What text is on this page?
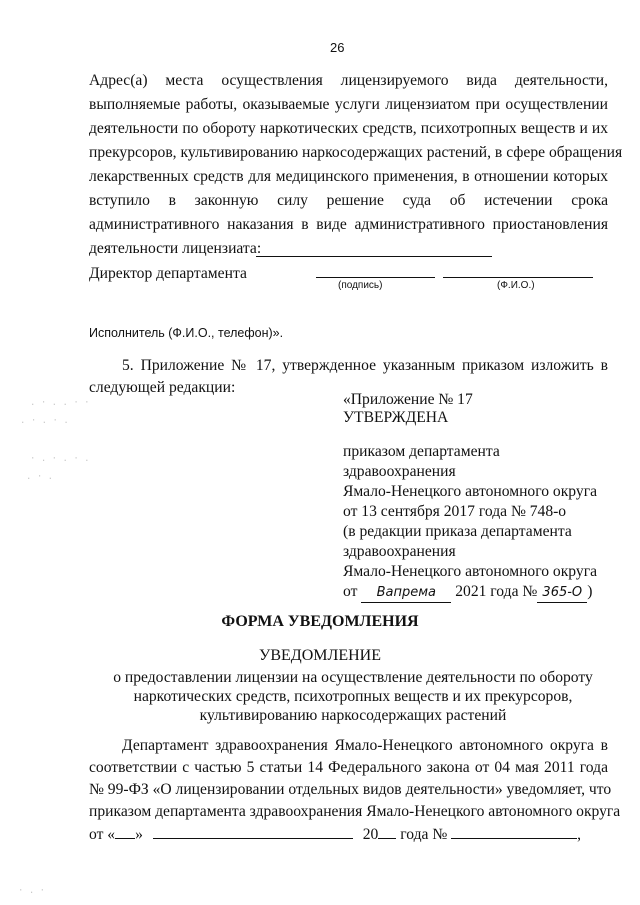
26
Адрес(а) места осуществления лицензируемого вида деятельности,
выполняемые работы, оказываемые услуги лицензиатом при осуществлении
деятельности по обороту наркотических средств, психотропных веществ и их
прекурсоров, культивированию наркосодержащих растений, в сфере обращения
лекарственных средств для медицинского применения, в отношении которых
вступило в законную силу решение суда об истечении срока
административного наказания в виде административного приостановления
деятельности лицензиата:
Директор департамента
(подпись)	(Ф.И.О.)
Исполнитель (Ф.И.О., телефон)».
5. Приложение № 17, утвержденное указанным приказом изложить в
следующей редакции:
. · . . · ·
. · . · .
· . · . · .
. · .
· . ·
«Приложение № 17
УТВЕРЖДЕНА
приказом департамента
здравоохранения
Ямало-Ненецкого автономного округа
от 13 сентября 2017 года № 748-о
(в редакции приказа департамента
здравоохранения
Ямало-Ненецкого автономного округа
от Вапрема 2021 года № 365-О )
ФОРМА УВЕДОМЛЕНИЯ
УВЕДОМЛЕНИЕ
о предоставлении лицензии на осуществление деятельности по обороту
наркотических средств, психотропных веществ и их прекурсоров,
культивированию наркосодержащих растений
Департамент здравоохранения Ямало-Ненецкого автономного округа в
соответствии с частью 5 статьи 14 Федерального закона от 04 мая 2011 года
№ 99-ФЗ «О лицензировании отдельных видов деятельности» уведомляет, что
приказом департамента здравоохранения Ямало-Ненецкого автономного округа
от « »	20 года №	,
